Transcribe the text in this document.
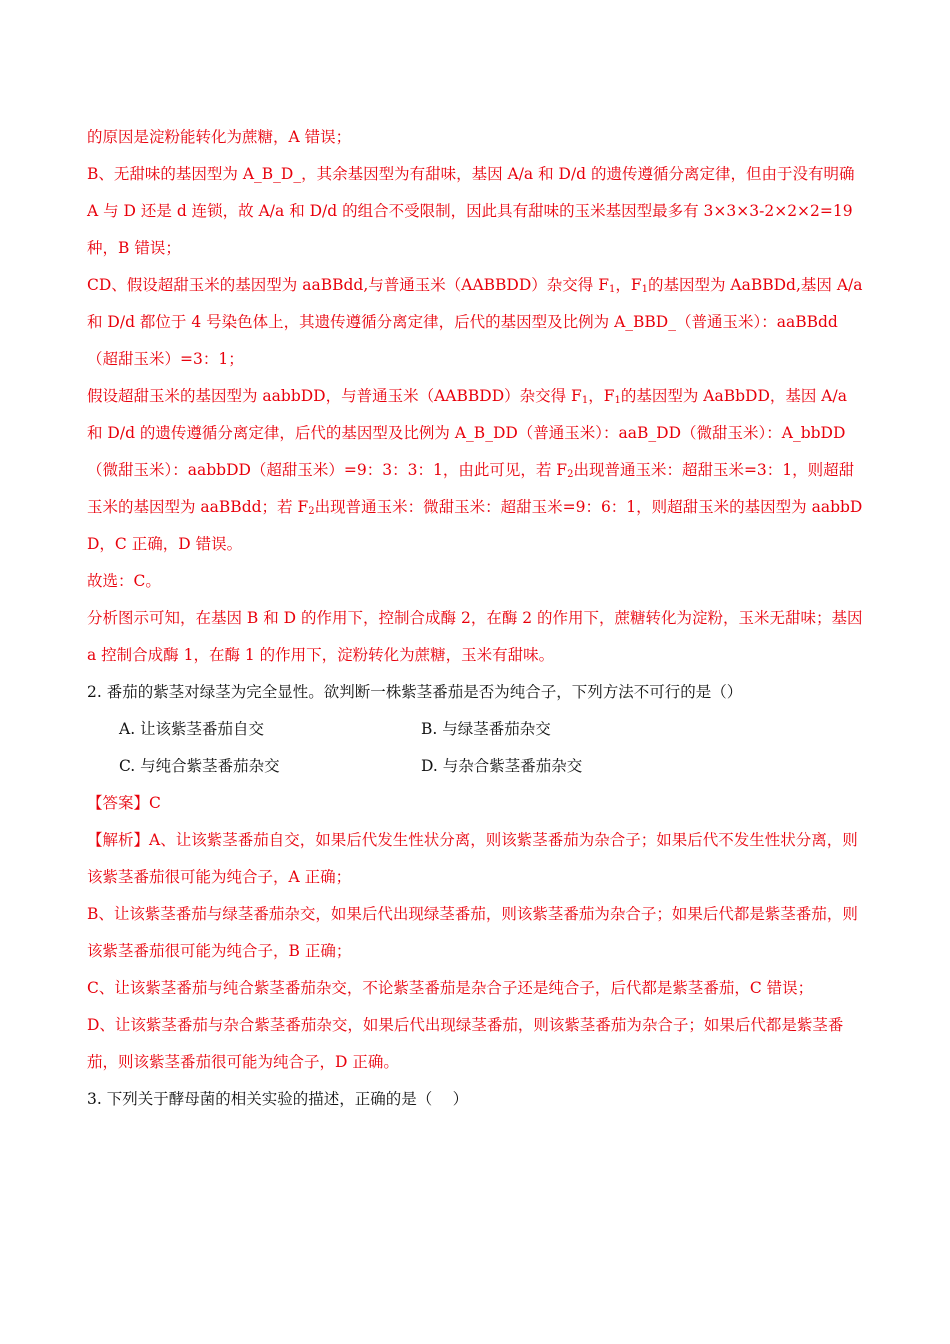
的原因是淀粉能转化为蔗糖，A 错误；

B、无甜味的基因型为 A_B_D_，其余基因型为有甜味，基因 A/a 和 D/d 的遗传遵循分离定律，但由于没有明确 A 与 D 还是 d 连锁，故 A/a 和 D/d 的组合不受限制，因此具有甜味的玉米基因型最多有 3×3×3-2×2×2=19 种，B 错误；

CD、假设超甜玉米的基因型为 aaBBdd,与普通玉米（AABBDD）杂交得 $F_1$，$F_1$的基因型为 AaBBDd,基因 A/a 和 D/d 都位于 4 号染色体上，其遗传遵循分离定律，后代的基因型及比例为 A_BBD_（普通玉米）：aaBBdd（超甜玉米）=3：1；

假设超甜玉米的基因型为 aabbDD，与普通玉米（AABBDD）杂交得 $F_1$，$F_1$的基因型为 AaBbDD，基因 A/a 和 D/d 的遗传遵循分离定律，后代的基因型及比例为 A_B_DD（普通玉米）：aaB_DD（微甜玉米）：A_bbDD（微甜玉米）：aabbDD（超甜玉米）=9：3：3：1，由此可见，若 $F_2$出现普通玉米：超甜玉米=3：1，则超甜玉米的基因型为 aaBBdd；若 $F_2$出现普通玉米：微甜玉米：超甜玉米=9：6：1，则超甜玉米的基因型为 aabbDD，C 正确，D 错误。

故选：C。

分析图示可知，在基因 B 和 D 的作用下，控制合成酶 2，在酶 2 的作用下，蔗糖转化为淀粉，玉米无甜味；基因 a 控制合成酶 1，在酶 1 的作用下，淀粉转化为蔗糖，玉米有甜味。

2. 番茄的紫茎对绿茎为完全显性。欲判断一株紫茎番茄是否为纯合子，下列方法不可行的是（）

A. 让该紫茎番茄自交	B. 与绿茎番茄杂交
C. 与纯合紫茎番茄杂交	D. 与杂合紫茎番茄杂交

【答案】C

【解析】A、让该紫茎番茄自交，如果后代发生性状分离，则该紫茎番茄为杂合子；如果后代不发生性状分离，则该紫茎番茄很可能为纯合子，A 正确；

B、让该紫茎番茄与绿茎番茄杂交，如果后代出现绿茎番茄，则该紫茎番茄为杂合子；如果后代都是紫茎番茄，则该紫茎番茄很可能为纯合子，B 正确；

C、让该紫茎番茄与纯合紫茎番茄杂交，不论紫茎番茄是杂合子还是纯合子，后代都是紫茎番茄，C 错误；

D、让该紫茎番茄与杂合紫茎番茄杂交，如果后代出现绿茎番茄，则该紫茎番茄为杂合子；如果后代都是紫茎番茄，则该紫茎番茄很可能为纯合子，D 正确。

3. 下列关于酵母菌的相关实验的描述，正确的是（　 ）
